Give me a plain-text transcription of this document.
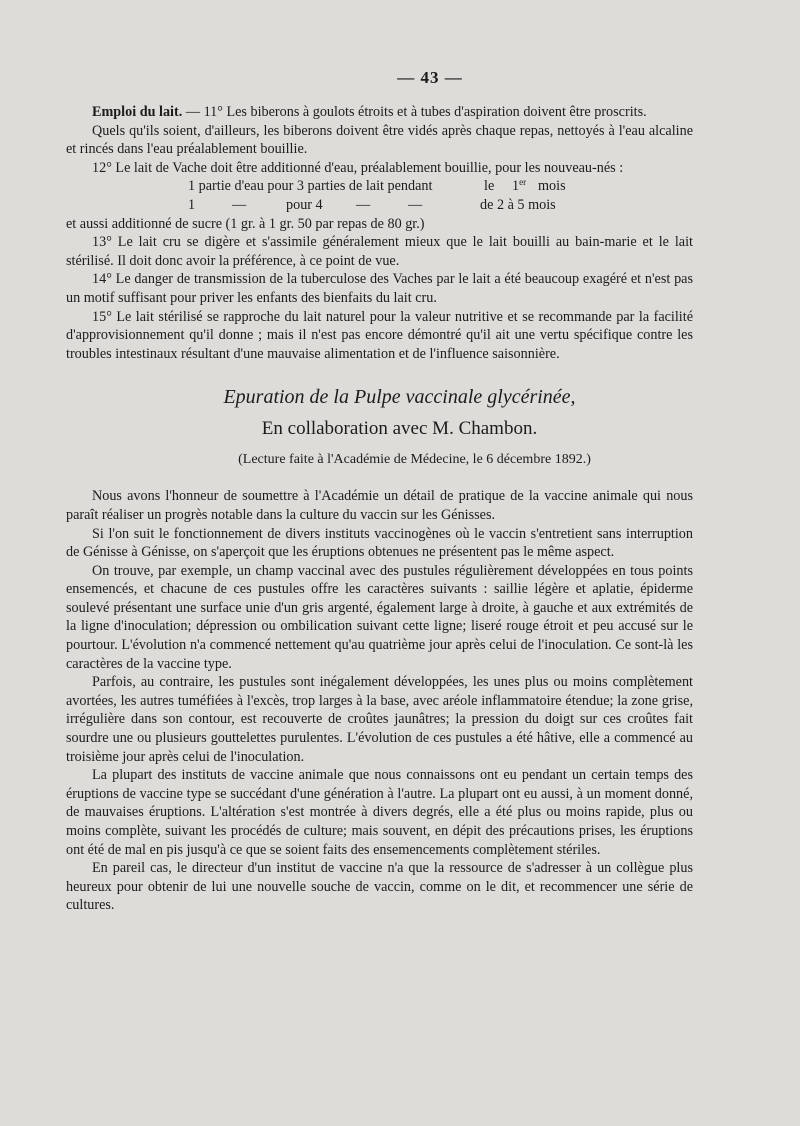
— 43 —

Emploi du lait. — 11° Les biberons à goulots étroits et à tubes d'aspiration doivent être proscrits.

Quels qu'ils soient, d'ailleurs, les biberons doivent être vidés après chaque repas, nettoyés à l'eau alcaline et rincés dans l'eau préalablement bouillie.

12° Le lait de Vache doit être additionné d'eau, préalablement bouillie, pour les nouveau-nés :

1 partie d'eau pour 3 parties de lait pendant	le 1er mois
1	—	pour 4 —	—	de 2 à 5 mois

et aussi additionné de sucre (1 gr. à 1 gr. 50 par repas de 80 gr.)

13° Le lait cru se digère et s'assimile généralement mieux que le lait bouilli au bain-marie et le lait stérilisé. Il doit donc avoir la préférence, à ce point de vue.

14° Le danger de transmission de la tuberculose des Vaches par le lait a été beaucoup exagéré et n'est pas un motif suffisant pour priver les enfants des bienfaits du lait cru.

15° Le lait stérilisé se rapproche du lait naturel pour la valeur nutritive et se recommande par la facilité d'approvisionnement qu'il donne ; mais il n'est pas encore démontré qu'il ait une vertu spécifique contre les troubles intestinaux résultant d'une mauvaise alimentation et de l'influence saisonnière.

Epuration de la Pulpe vaccinale glycérinée,
En collaboration avec M. Chambon.
(Lecture faite à l'Académie de Médecine, le 6 décembre 1892.)

Nous avons l'honneur de soumettre à l'Académie un détail de pratique de la vaccine animale qui nous paraît réaliser un progrès notable dans la culture du vaccin sur les Génisses.

Si l'on suit le fonctionnement de divers instituts vaccinogènes où le vaccin s'entretient sans interruption de Génisse à Génisse, on s'aperçoit que les éruptions obtenues ne présentent pas le même aspect.

On trouve, par exemple, un champ vaccinal avec des pustules régulièrement développées en tous points ensemencés, et chacune de ces pustules offre les caractères suivants : saillie légère et aplatie, épiderme soulevé présentant une surface unie d'un gris argenté, également large à droite, à gauche et aux extrémités de la ligne d'inoculation; dépression ou ombilication suivant cette ligne; liseré rouge étroit et peu accusé sur le pourtour. L'évolution n'a commencé nettement qu'au quatrième jour après celui de l'inoculation. Ce sont-là les caractères de la vaccine type.

Parfois, au contraire, les pustules sont inégalement développées, les unes plus ou moins complètement avortées, les autres tuméfiées à l'excès, trop larges à la base, avec aréole inflammatoire étendue; la zone grise, irrégulière dans son contour, est recouverte de croûtes jaunâtres; la pression du doigt sur ces croûtes fait sourdre une ou plusieurs gouttelettes purulentes. L'évolution de ces pustules a été hâtive, elle a commencé au troisième jour après celui de l'inoculation.

La plupart des instituts de vaccine animale que nous connaissons ont eu pendant un certain temps des éruptions de vaccine type se succédant d'une génération à l'autre. La plupart ont eu aussi, à un moment donné, de mauvaises éruptions. L'altération s'est montrée à divers degrés, elle a été plus ou moins rapide, plus ou moins complète, suivant les procédés de culture; mais souvent, en dépit des précautions prises, les éruptions ont été de mal en pis jusqu'à ce que se soient faits des ensemencements complètement stériles.

En pareil cas, le directeur d'un institut de vaccine n'a que la ressource de s'adresser à un collègue plus heureux pour obtenir de lui une nouvelle souche de vaccin, comme on le dit, et recommencer une série de cultures.
